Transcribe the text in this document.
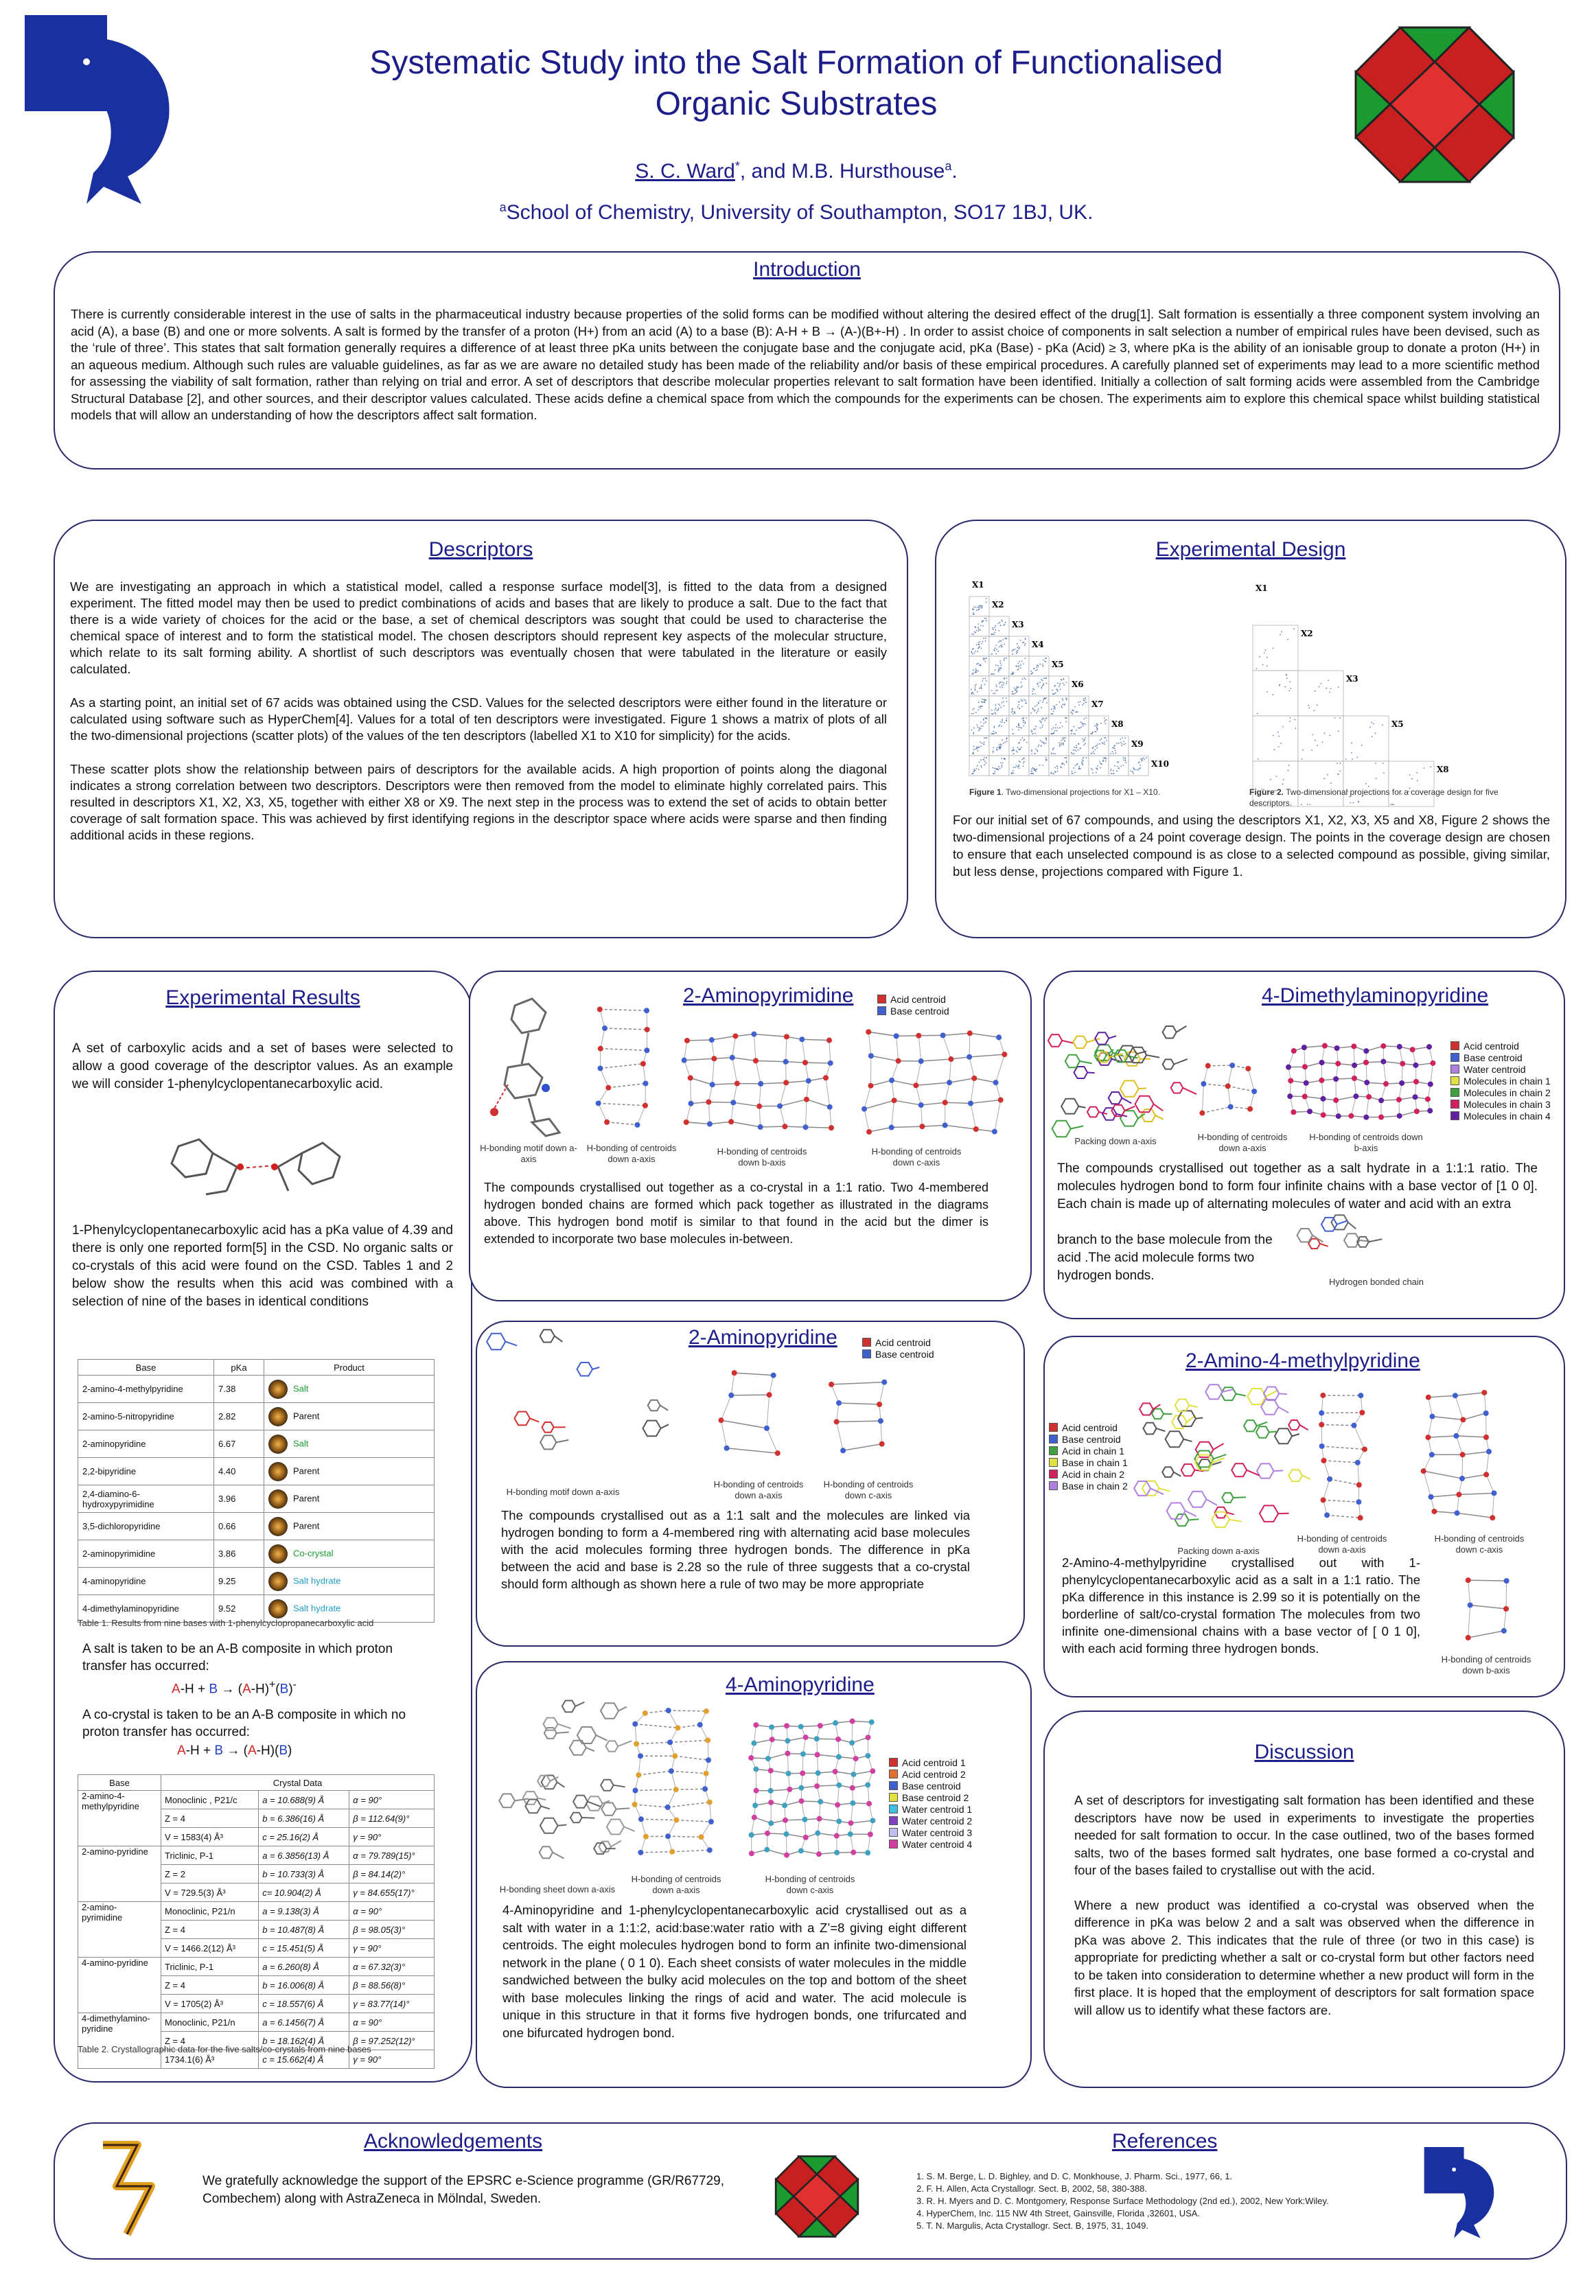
Systematic Study into the Salt Formation of Functionalised
Organic Substrates
S. C. Ward*, and M.B. Hursthouse$^a$.
$^a$School of Chemistry, University of Southampton, SO17 1BJ, UK.
Introduction
There is currently considerable interest in the use of salts in the pharmaceutical industry because properties of the solid forms can be modified without altering the desired effect of the drug[1]. Salt formation is essentially a three component system involving an acid (A), a base (B) and one or more solvents. A salt is formed by the transfer of a proton (H+) from an acid (A) to a base (B): A-H + B → (A-)(B+-H) . In order to assist choice of components in salt selection a number of empirical rules have been devised, such as the ‘rule of three’. This states that salt formation generally requires a difference of at least three pKa units between the conjugate base and the conjugate acid, pKa (Base) - pKa (Acid) ≥ 3, where pKa is the ability of an ionisable group to donate a proton (H+) in an aqueous medium. Although such rules are valuable guidelines, as far as we are aware no detailed study has been made of the reliability and/or basis of these empirical procedures. A carefully planned set of experiments may lead to a more scientific method for assessing the viability of salt formation, rather than relying on trial and error. A set of descriptors that describe molecular properties relevant to salt formation have been identified. Initially a collection of salt forming acids were assembled from the Cambridge Structural Database [2], and other sources, and their descriptor values calculated. These acids define a chemical space from which the compounds for the experiments can be chosen. The experiments aim to explore this chemical space whilst building statistical models that will allow an understanding of how the descriptors affect salt formation.
Descriptors

We are investigating an approach in which a statistical model, called a response surface model[3], is fitted to the data from a designed experiment. The fitted model may then be used to predict combinations of acids and bases that are likely to produce a salt. Due to the fact that there is a wide variety of choices for the acid or the base, a set of chemical descriptors was sought that could be used to characterise the chemical space of interest and to form the statistical model. The chosen descriptors should represent key aspects of the molecular structure, which relate to its salt forming ability. A shortlist of such descriptors was eventually chosen that were tabulated in the literature or easily calculated.

As a starting point, an initial set of 67 acids was obtained using the CSD. Values for the selected descriptors were either found in the literature or calculated using software such as HyperChem[4]. Values for a total of ten descriptors were investigated. Figure 1 shows a matrix of plots of all the two-dimensional projections (scatter plots) of the values of the ten descriptors (labelled X1 to X10 for simplicity) for the acids.

These scatter plots show the relationship between pairs of descriptors for the available acids. A high proportion of points along the diagonal indicates a strong correlation between two descriptors. Descriptors were then removed from the model to eliminate highly correlated pairs. This resulted in descriptors X1, X2, X3, X5, together with either X8 or X9. The next step in the process was to extend the set of acids to obtain better coverage of salt formation space. This was achieved by first identifying regions in the descriptor space where acids were sparse and then finding additional acids in these regions.

Experimental Design
X1
X2
X3
X4
X5
X6
X7
X8
X9
X10
X1
X2
X3
X5
X8
Figure 1. Two-dimensional projections for X1 – X10.	Figure 2. Two-dimensional projections for a coverage design for five descriptors.
For our initial set of 67 compounds, and using the descriptors X1, X2, X3, X5 and X8, Figure 2 shows the two-dimensional projections of a 24 point coverage design. The points in the coverage design are chosen to ensure that each unselected compound is as close to a selected compound as possible, giving similar, but less dense, projections compared with Figure 1.
Experimental Results
A set of carboxylic acids and a set of bases were selected to allow a good coverage of the descriptor values. As an example we will consider 1-phenylcyclopentanecarboxylic acid.
1-Phenylcyclopentanecarboxylic acid has a pKa value of 4.39 and there is only one reported form[5] in the CSD. No organic salts or co-crystals of this acid were found on the CSD. Tables 1 and 2 below show the results when this acid was combined with a selection of nine of the bases in identical conditions
Base	pKa	Product
2-amino-4-methylpyridine	7.38	Salt
2-amino-5-nitropyridine	2.82	Parent
2-aminopyridine	6.67	Salt
2,2-bipyridine	4.40	Parent
2,4-diamino-6-hydroxypyrimidine	3.96	Parent
3,5-dichloropyridine	0.66	Parent
2-aminopyrimidine	3.86	Co-crystal
4-aminopyridine	9.25	Salt hydrate
4-dimethylaminopyridine	9.52	Salt hydrate
Table 1. Results from nine bases with 1-phenylcyclopropanecarboxylic acid
A salt is taken to be an A-B composite in which proton transfer has occurred:
A-H + B → (A-H)+(B)-
A co-crystal is taken to be an A-B composite in which no proton transfer has occurred:
A-H + B → (A-H)(B)
Base	Crystal Data		
2-amino-4-methylpyridine	Monoclinic , P21/c	a = 10.688(9) Å	α = 90°
	Z = 4	b = 6.386(16) Å	β = 112.64(9)°
	V = 1583(4) Å³	c = 25.16(2) Å	γ = 90°
2-amino-pyridine	Triclinic, P-1	a = 6.3856(13) Å	α = 79.789(15)°
	Z = 2	b = 10.733(3) Å	β = 84.14(2)°
	V = 729.5(3) Å³	c= 10.904(2) Å	γ = 84.655(17)°
2-amino-pyrimidine	Monoclinic, P21/n	a = 9.138(3) Å	α = 90°
	Z = 4	b = 10.487(8) Å	β = 98.05(3)°
	V = 1466.2(12) Å³	c = 15.451(5) Å	γ = 90°
4-amino-pyridine	Triclinic, P-1	a = 6.260(8) Å	α = 67.32(3)°
	Z = 4	b = 16.006(8) Å	β = 88.56(8)°
	V = 1705(2) Å³	c = 18.557(6) Å	γ = 83.77(14)°
4-dimethylamino-pyridine	Monoclinic, P21/n	a = 6.1456(7) Å	α = 90°
	Z = 4	b = 18.162(4) Å	β = 97.252(12)°
	1734.1(6) Å³	c = 15.662(4) Å	γ = 90°
Table 2. Crystallographic data for the five salts/co-crystals from nine bases
2-Aminopyrimidine	Acid centroid
Base centroid
H-bonding motif down a-axis
H-bonding of centroids down a-axis
H-bonding of centroids down b-axis
H-bonding of centroids down c-axis
The compounds crystallised out together as a co-crystal in a 1:1 ratio. Two 4-membered hydrogen bonded chains are formed which pack together as illustrated in the diagrams above. This hydrogen bond motif is similar to that found in the acid but the dimer is extended to incorporate two base molecules in-between.
4-Dimethylaminopyridine
Acid centroid
Base centroid
Water centroid
Molecules in chain 1
Molecules in chain 2
Molecules in chain 3
Molecules in chain 4
Packing down a-axis	H-bonding of centroids down a-axis
H-bonding of centroids down b-axis
The compounds crystallised out together as a salt hydrate in a 1:1:1 ratio. The molecules hydrogen bond to form four infinite chains with a base vector of [1 0 0]. Each chain is made up of alternating molecules of water and acid with an extra
branch to the base molecule from the acid .The acid molecule forms two hydrogen bonds.	Hydrogen bonded chain
2-Aminopyridine	Acid centroid
Base centroid
H-bonding motif down a-axis
H-bonding of centroids down a-axis
H-bonding of centroids down c-axis
The compounds crystallised out as a 1:1 salt and the molecules are linked via hydrogen bonding to form a 4-membered ring with alternating acid base molecules with the acid molecules forming three hydrogen bonds. The difference in pKa between the acid and base is 2.28 so the rule of three suggests that a co-crystal should form although as shown here a rule of two may be more appropriate
2-Amino-4-methylpyridine
Acid centroid
Base centroid
Acid in chain 1
Base in chain 1
Acid in chain 2
Base in chain 2
Packing down a-axis
H-bonding of centroids down a-axis
H-bonding of centroids down c-axis
2-Amino-4-methylpyridine crystallised out with 1-phenylcyclopentanecarboxylic acid as a salt in a 1:1 ratio. The pKa difference in this instance is 2.99 so it is potentially on the borderline of salt/co-crystal formation The molecules from two infinite one-dimensional chains with a base vector of [ 0 1 0], with each acid forming three hydrogen bonds.
H-bonding of centroids down b-axis
4-Aminopyridine
Acid centroid 1
Acid centroid 2
Base centroid
Base centroid 2
Water centroid 1
Water centroid 2
Water centroid 3
Water centroid 4
H-bonding sheet down a-axis
H-bonding of centroids down a-axis
H-bonding of centroids down c-axis
4-Aminopyridine and 1-phenylcyclopentanecarboxylic acid crystallised out as a salt with water in a 1:1:2, acid:base:water ratio with a Z’=8 giving eight different centroids. The eight molecules hydrogen bond to form an infinite two-dimensional network in the plane ( 0 1 0). Each sheet consists of water molecules in the middle sandwiched between the bulky acid molecules on the top and bottom of the sheet with base molecules linking the rings of acid and water. The acid molecule is unique in this structure in that it forms five hydrogen bonds, one trifurcated and one bifurcated hydrogen bond.
Discussion

A set of descriptors for investigating salt formation has been identified and these descriptors have now be used in experiments to investigate the properties needed for salt formation to occur. In the case outlined, two of the bases formed salts, two of the bases formed salt hydrates, one base formed a co-crystal and four of the bases failed to crystallise out with the acid.

Where a new product was identified a co-crystal was observed when the difference in pKa was below 2 and a salt was observed when the difference in pKa was above 2. This indicates that the rule of three (or two in this case) is appropriate for predicting whether a salt or co-crystal form but other factors need to be taken into consideration to determine whether a new product will form in the first place. It is hoped that the employment of descriptors for salt formation space will allow us to identify what these factors are.

Acknowledgements
We gratefully acknowledge the support of the EPSRC e-Science programme (GR/R67729, Combechem) along with AstraZeneca in Mölndal, Sweden.
References
1. S. M. Berge, L. D. Bighley, and D. C. Monkhouse, J. Pharm. Sci., 1977, 66, 1.
2. F. H. Allen, Acta Crystallogr. Sect. B, 2002, 58, 380-388.
3. R. H. Myers and D. C. Montgomery, Response Surface Methodology (2nd ed.), 2002, New York:Wiley.
4. HyperChem, Inc. 115 NW 4th Street, Gainsville, Florida ,32601, USA.
5. T. N. Margulis, Acta Crystallogr. Sect. B, 1975, 31, 1049.
